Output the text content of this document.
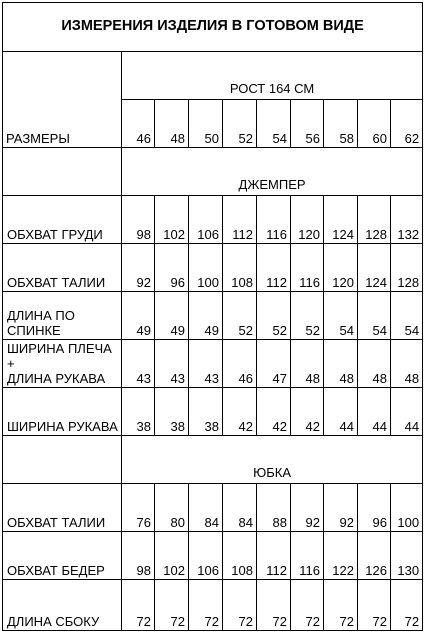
ИЗМЕРЕНИЯ ИЗДЕЛИЯ В ГОТОВОМ ВИДЕ									
РАЗМЕРЫ	РОСТ 164 СМ								
	46	48	50	52	54	56	58	60	62
	ДЖЕМПЕР								
ОБХВАТ ГРУДИ	98	102	106	112	116	120	124	128	132
ОБХВАТ ТАЛИИ	92	96	100	108	112	116	120	124	128
ДЛИНА ПО
СПИНКЕ	49	49	49	52	52	52	54	54	54
ШИРИНА ПЛЕЧА +
ДЛИНА РУКАВА	43	43	43	46	47	48	48	48	48
ШИРИНА РУКАВА	38	38	38	42	42	42	44	44	44
	ЮБКА								
ОБХВАТ ТАЛИИ	76	80	84	84	88	92	92	96	100
ОБХВАТ БЕДЕР	98	102	106	108	112	116	122	126	130
ДЛИНА СБОКУ	72	72	72	72	72	72	72	72	72
